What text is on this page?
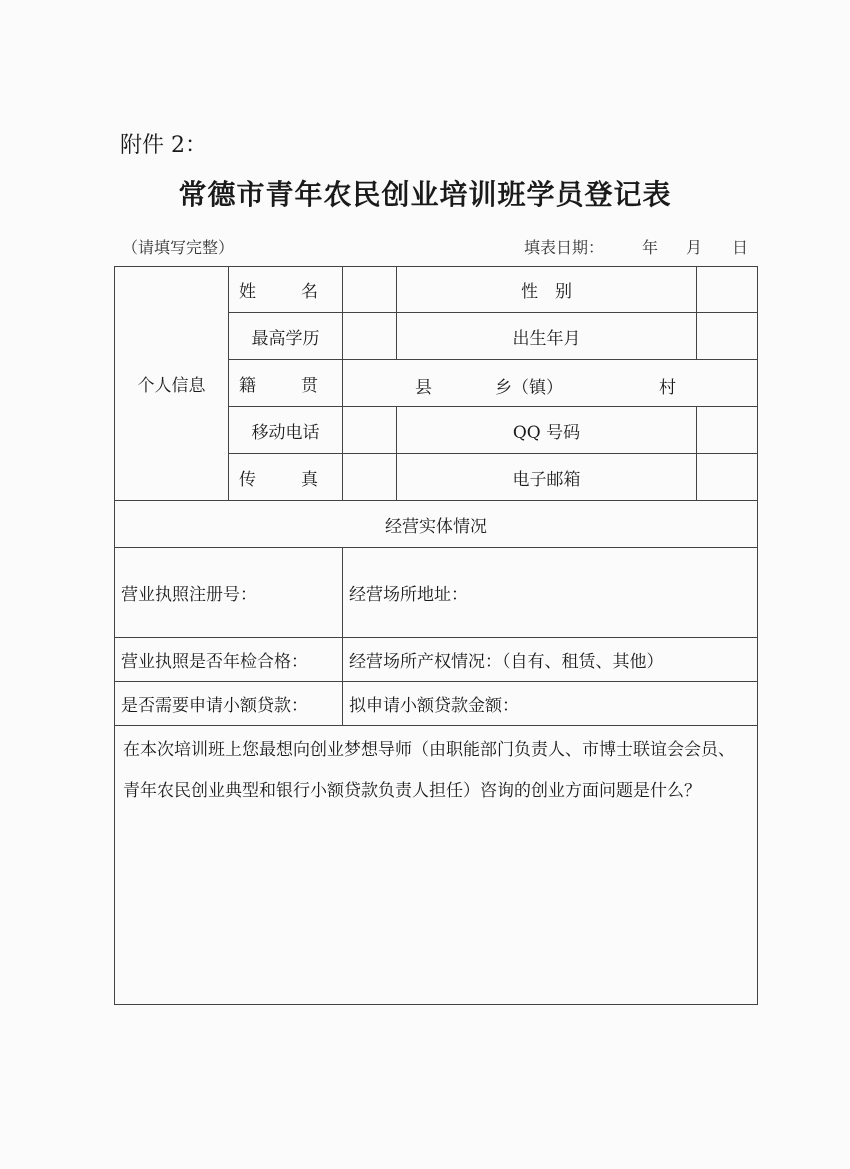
附件 2：
常德市青年农民创业培训班学员登记表
（请填写完整）	填表日期： 年 月 日
个人信息	姓　名		性　别	
	最高学历		出生年月	
	籍　贯	县 乡（镇） 村		

	移动电话		QQ 号码	
	传　真		电子邮箱	
经营实体情况				
营业执照注册号：		经营场所地址：		
营业执照是否年检合格：		经营场所产权情况：（自有、租赁、其他）		
是否需要申请小额贷款：		拟申请小额贷款金额：		
在本次培训班上您最想向创业梦想导师（由职能部门负责人、市博士联谊会会员、青年农民创业典型和银行小额贷款负责人担任）咨询的创业方面问题是什么？				
